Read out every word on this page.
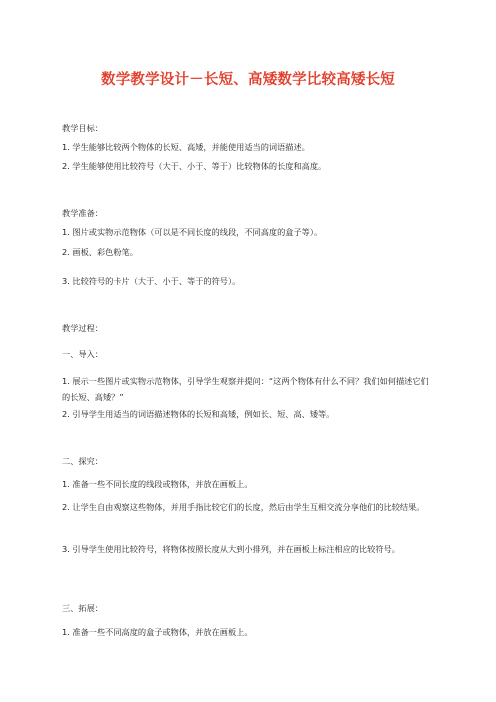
数学教学设计－长短、高矮数学比较高矮长短
教学目标：
1. 学生能够比较两个物体的长短、高矮，并能使用适当的词语描述。
2. 学生能够使用比较符号（大于、小于、等于）比较物体的长度和高度。
教学准备：
1. 图片或实物示范物体（可以是不同长度的线段，不同高度的盒子等）。
2. 画板、彩色粉笔。
3. 比较符号的卡片（大于、小于、等于的符号）。
教学过程：
一、导入：
1. 展示一些图片或实物示范物体，引导学生观察并提问：“这两个物体有什么不同？我们如何描述它们的长短、高矮？”
2. 引导学生用适当的词语描述物体的长短和高矮，例如长、短、高、矮等。
二、探究：
1. 准备一些不同长度的线段或物体，并放在画板上。
2. 让学生自由观察这些物体，并用手指比较它们的长度，然后由学生互相交流分享他们的比较结果。
3. 引导学生使用比较符号，将物体按照长度从大到小排列，并在画板上标注相应的比较符号。
三、拓展：
1. 准备一些不同高度的盒子或物体，并放在画板上。
